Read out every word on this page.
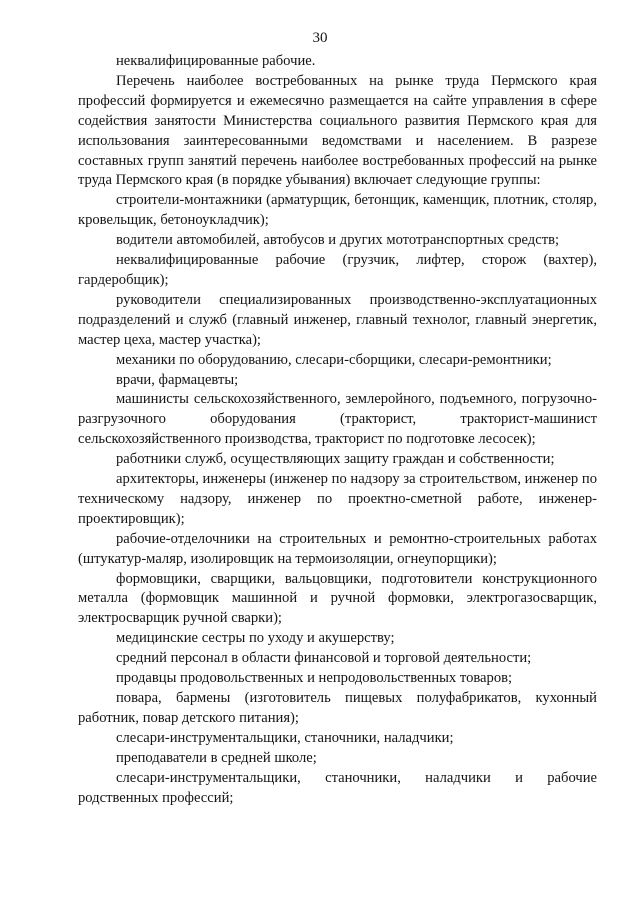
30

неквалифицированные рабочие.

Перечень наиболее востребованных на рынке труда Пермского края профессий формируется и ежемесячно размещается на сайте управления в сфере содействия занятости Министерства социального развития Пермского края для использования заинтересованными ведомствами и населением. В разрезе составных групп занятий перечень наиболее востребованных профессий на рынке труда Пермского края (в порядке убывания) включает следующие группы:

строители-монтажники (арматурщик, бетонщик, каменщик, плотник, столяр, кровельщик, бетоноукладчик);

водители автомобилей, автобусов и других мототранспортных средств;

неквалифицированные рабочие (грузчик, лифтер, сторож (вахтер), гардеробщик);

руководители специализированных производственно-эксплуатационных подразделений и служб (главный инженер, главный технолог, главный энергетик, мастер цеха, мастер участка);

механики по оборудованию, слесари-сборщики, слесари-ремонтники;

врачи, фармацевты;

машинисты сельскохозяйственного, землеройного, подъемного, погрузочно-разгрузочного оборудования (тракторист, тракторист-машинист сельскохозяйственного производства, тракторист по подготовке лесосек);

работники служб, осуществляющих защиту граждан и собственности;

архитекторы, инженеры (инженер по надзору за строительством, инженер по техническому надзору, инженер по проектно-сметной работе, инженер-проектировщик);

рабочие-отделочники на строительных и ремонтно-строительных работах (штукатур-маляр, изолировщик на термоизоляции, огнеупорщики);

формовщики, сварщики, вальцовщики, подготовители конструкционного металла (формовщик машинной и ручной формовки, электрогазосварщик, электросварщик ручной сварки);

медицинские сестры по уходу и акушерству;

средний персонал в области финансовой и торговой деятельности;

продавцы продовольственных и непродовольственных товаров;

повара, бармены (изготовитель пищевых полуфабрикатов, кухонный работник, повар детского питания);

слесари-инструментальщики, станочники, наладчики;

преподаватели в средней школе;

слесари-инструментальщики, станочники, наладчики и рабочие родственных профессий;
